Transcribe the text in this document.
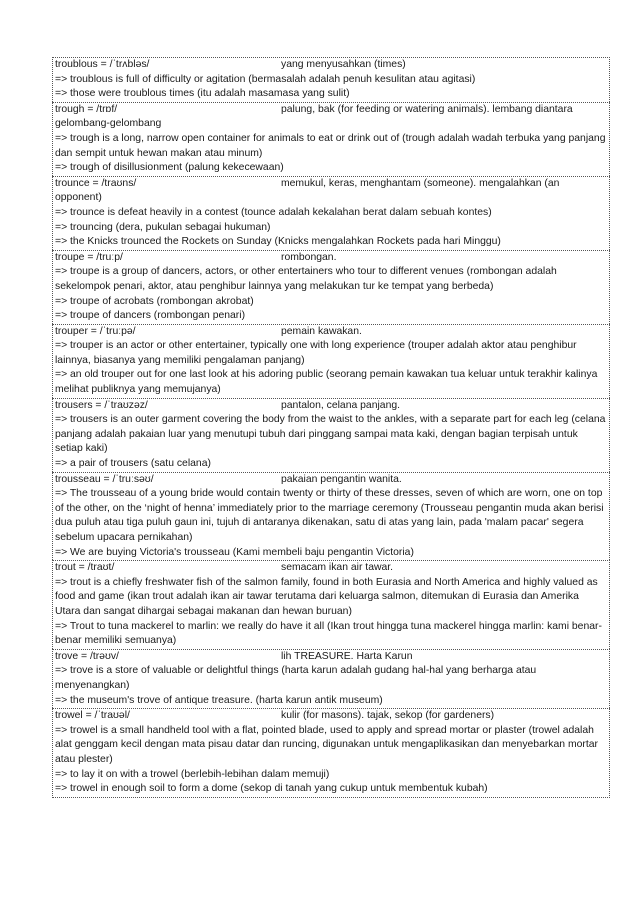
troublous = /ˈtrʌbləs/	yang menyusahkan (times)
=> troublous is full of difficulty or agitation (bermasalah adalah penuh kesulitan atau agitasi)
=> those were troublous times (itu adalah masamasa yang sulit)
trough = /trɒf/	palung, bak (for feeding or watering animals). lembang diantara gelombang-gelombang
=> trough is a long, narrow open container for animals to eat or drink out of (trough adalah wadah terbuka yang panjang dan sempit untuk hewan makan atau minum)
=> trough of disillusionment (palung kekecewaan)
trounce = /traʊns/	memukul, keras, menghantam (someone). mengalahkan (an opponent)
=> trounce is defeat heavily in a contest (tounce adalah kekalahan berat dalam sebuah kontes)
=> trouncing (dera, pukulan sebagai hukuman)
=> the Knicks trounced the Rockets on Sunday (Knicks mengalahkan Rockets pada hari Minggu)
troupe = /truːp/	rombongan.
=> troupe is a group of dancers, actors, or other entertainers who tour to different venues (rombongan adalah sekelompok penari, aktor, atau penghibur lainnya yang melakukan tur ke tempat yang berbeda)
=> troupe of acrobats (rombongan akrobat)
=> troupe of dancers (rombongan penari)
trouper = /ˈtruːpə/	pemain kawakan.
=> trouper is an actor or other entertainer, typically one with long experience (trouper adalah aktor atau penghibur lainnya, biasanya yang memiliki pengalaman panjang)
=> an old trouper out for one last look at his adoring public (seorang pemain kawakan tua keluar untuk terakhir kalinya melihat publiknya yang memujanya)
trousers = /ˈtraʊzəz/	pantalon, celana panjang.
=> trousers is an outer garment covering the body from the waist to the ankles, with a separate part for each leg (celana panjang adalah pakaian luar yang menutupi tubuh dari pinggang sampai mata kaki, dengan bagian terpisah untuk setiap kaki)
=> a pair of trousers (satu celana)
trousseau = /ˈtruːsəʊ/	pakaian pengantin wanita.
=> The trousseau of a young bride would contain twenty or thirty of these dresses, seven of which are worn, one on top of the other, on the ‘night of henna’ immediately prior to the marriage ceremony (Trousseau pengantin muda akan berisi dua puluh atau tiga puluh gaun ini, tujuh di antaranya dikenakan, satu di atas yang lain, pada 'malam pacar' segera sebelum upacara pernikahan)
=> We are buying Victoria's trousseau (Kami membeli baju pengantin Victoria)
trout = /traʊt/	semacam ikan air tawar.
=> trout is a chiefly freshwater fish of the salmon family, found in both Eurasia and North America and highly valued as food and game (ikan trout adalah ikan air tawar terutama dari keluarga salmon, ditemukan di Eurasia dan Amerika Utara dan sangat dihargai sebagai makanan dan hewan buruan)
=> Trout to tuna mackerel to marlin: we really do have it all (Ikan trout hingga tuna mackerel hingga marlin: kami benar-benar memiliki semuanya)
trove = /trəʊv/	lih TREASURE. Harta Karun
=> trove is a store of valuable or delightful things (harta karun adalah gudang hal-hal yang berharga atau menyenangkan)
=> the museum's trove of antique treasure. (harta karun antik museum)
trowel = /ˈtraʊəl/	kulir (for masons). tajak, sekop (for gardeners)
=> trowel is a small handheld tool with a flat, pointed blade, used to apply and spread mortar or plaster (trowel adalah alat genggam kecil dengan mata pisau datar dan runcing, digunakan untuk mengaplikasikan dan menyebarkan mortar atau plester)
=> to lay it on with a trowel (berlebih-lebihan dalam memuji)
=> trowel in enough soil to form a dome (sekop di tanah yang cukup untuk membentuk kubah)
